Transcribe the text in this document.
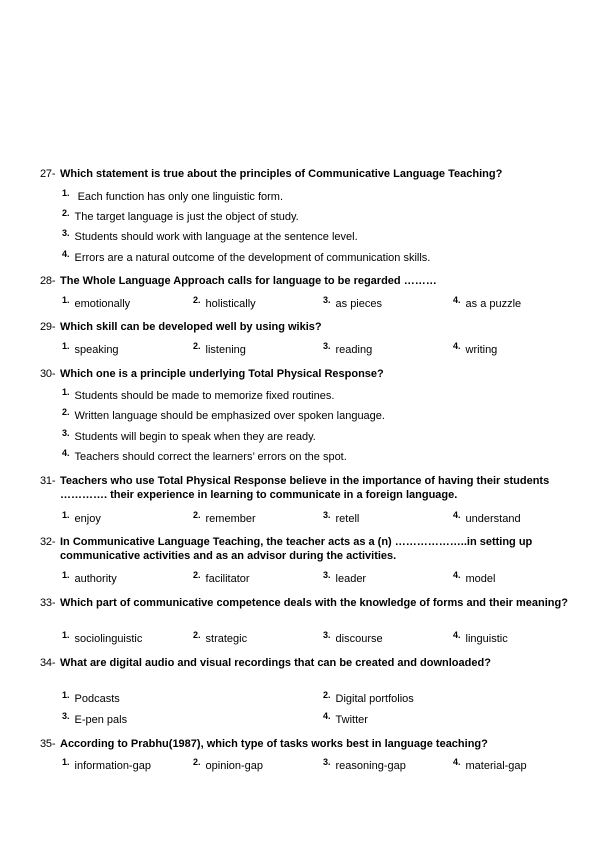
27- Which statement is true about the principles of Communicative Language Teaching?
$^{1.}$ Each function has only one linguistic form.
$^{2.}$ The target language is just the object of study.
$^{3.}$ Students should work with language at the sentence level.
$^{4.}$ Errors are a natural outcome of the development of communication skills.
28- The Whole Language Approach calls for language to be regarded ………
$^{1.}$ emotionally	$^{2.}$ holistically	$^{3.}$ as pieces	$^{4.}$ as a puzzle
29- Which skill can be developed well by using wikis?
$^{1.}$ speaking	$^{2.}$ listening	$^{3.}$ reading	$^{4.}$ writing
30- Which one is a principle underlying Total Physical Response?
$^{1.}$ Students should be made to memorize fixed routines.
$^{2.}$ Written language should be emphasized over spoken language.
$^{3.}$ Students will begin to speak when they are ready.
$^{4.}$ Teachers should correct the learners’ errors on the spot.
31- Teachers who use Total Physical Response believe in the importance of having their students
…………. their experience in learning to communicate in a foreign language.
$^{1.}$ enjoy	$^{2.}$ remember	$^{3.}$ retell	$^{4.}$ understand
32- In Communicative Language Teaching, the teacher acts as a (n) ………………..in setting up
communicative activities and as an advisor during the activities.
$^{1.}$ authority	$^{2.}$ facilitator	$^{3.}$ leader	$^{4.}$ model
33- Which part of communicative competence deals with the knowledge of forms and their meaning?
$^{1.}$ sociolinguistic	$^{2.}$ strategic	$^{3.}$ discourse	$^{4.}$ linguistic
34- What are digital audio and visual recordings that can be created and downloaded?
$^{1.}$ Podcasts	$^{2.}$ Digital portfolios
$^{3.}$ E-pen pals	$^{4.}$ Twitter
35- According to Prabhu(1987), which type of tasks works best in language teaching?
$^{1.}$ information-gap	$^{2.}$ opinion-gap	$^{3.}$ reasoning-gap	$^{4.}$ material-gap
